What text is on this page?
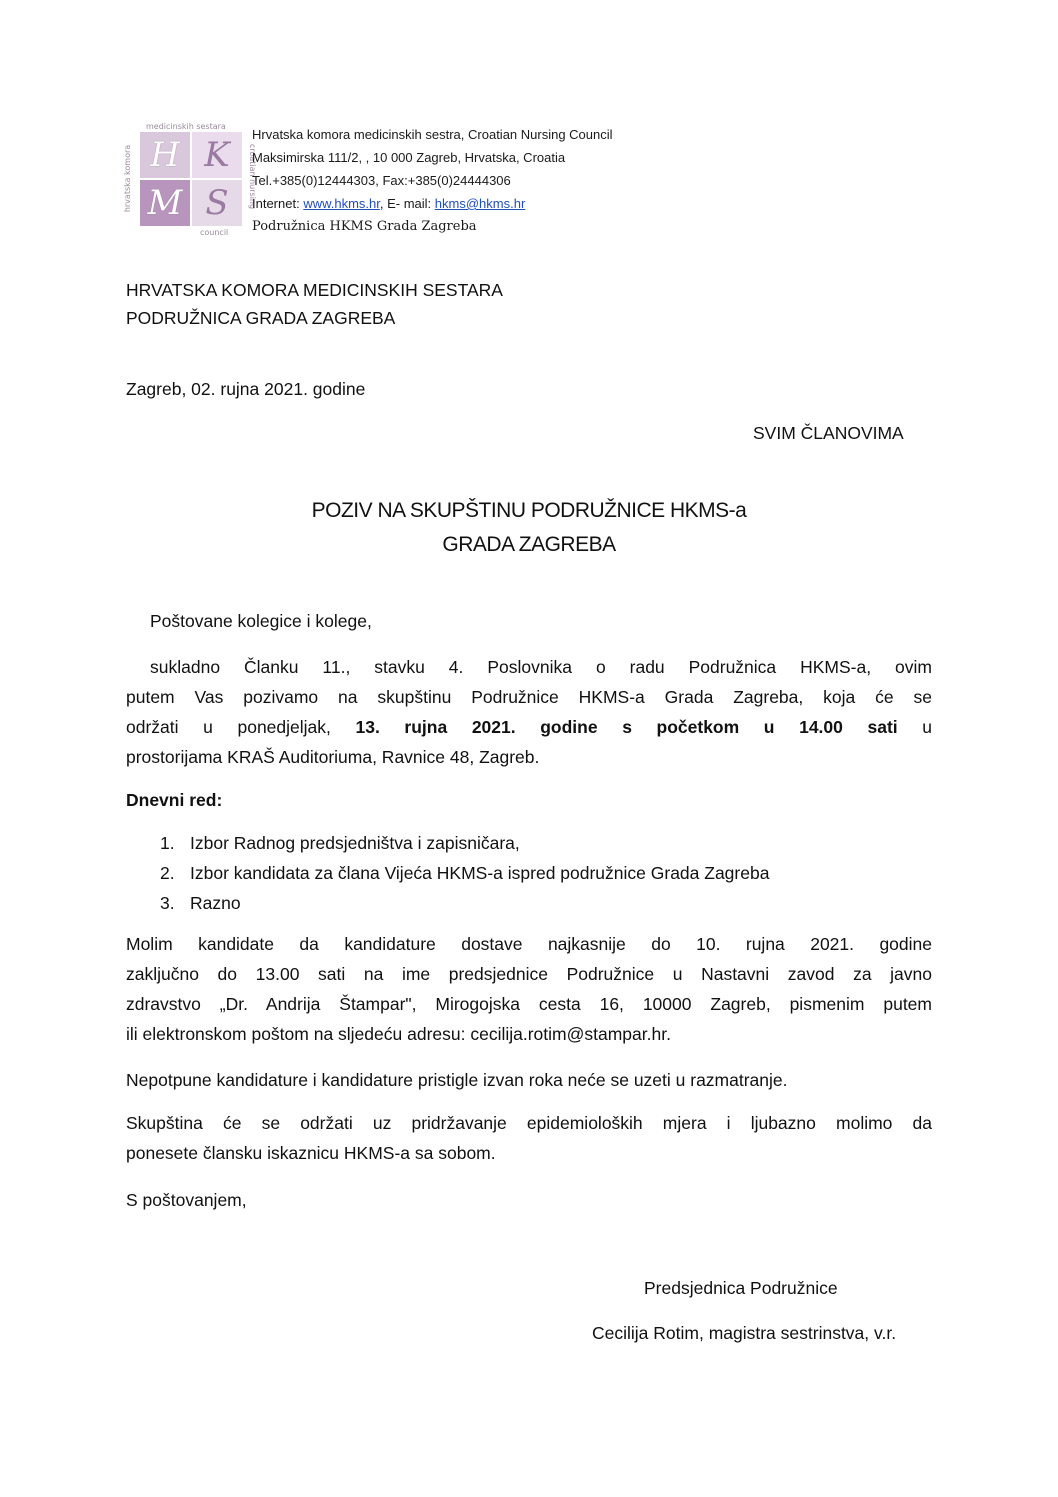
medicinskih sestara
hrvatska komora	croatian nursing
council
H K
M S
Hrvatska komora medicinskih sestra, Croatian Nursing Council
Maksimirska 111/2, , 10 000 Zagreb, Hrvatska, Croatia
Tel.+385(0)12444303, Fax:+385(0)24444306
Internet: www.hkms.hr, E- mail: hkms@hkms.hr
Podružnica HKMS Grada Zagreba
HRVATSKA KOMORA MEDICINSKIH SESTARA
PODRUŽNICA GRADA ZAGREBA
Zagreb, 02. rujna 2021. godine
SVIM ČLANOVIMA
POZIV NA SKUPŠTINU PODRUŽNICE HKMS-a
GRADA ZAGREBA
Poštovane kolegice i kolege,
sukladno Članku 11., stavku 4. Poslovnika o radu Podružnica HKMS-a, ovim
putem Vas pozivamo na skupštinu Podružnice HKMS-a Grada Zagreba, koja će se
održati u ponedjeljak, 13. rujna 2021. godine s početkom u 14.00 sati u
prostorijama KRAŠ Auditoriuma, Ravnice 48, Zagreb.
Dnevni red:
1. Izbor Radnog predsjedništva i zapisničara,
2. Izbor kandidata za člana Vijeća HKMS-a ispred podružnice Grada Zagreba
3. Razno
Molim kandidate da kandidature dostave najkasnije do 10. rujna 2021. godine
zaključno do 13.00 sati na ime predsjednice Podružnice u Nastavni zavod za javno
zdravstvo „Dr. Andrija Štampar", Mirogojska cesta 16, 10000 Zagreb, pismenim putem
ili elektronskom poštom na sljedeću adresu: cecilija.rotim@stampar.hr.
Nepotpune kandidature i kandidature pristigle izvan roka neće se uzeti u razmatranje.
Skupština će se održati uz pridržavanje epidemioloških mjera i ljubazno molimo da
ponesete člansku iskaznicu HKMS-a sa sobom.
S poštovanjem,
Predsjednica Podružnice
Cecilija Rotim, magistra sestrinstva, v.r.
